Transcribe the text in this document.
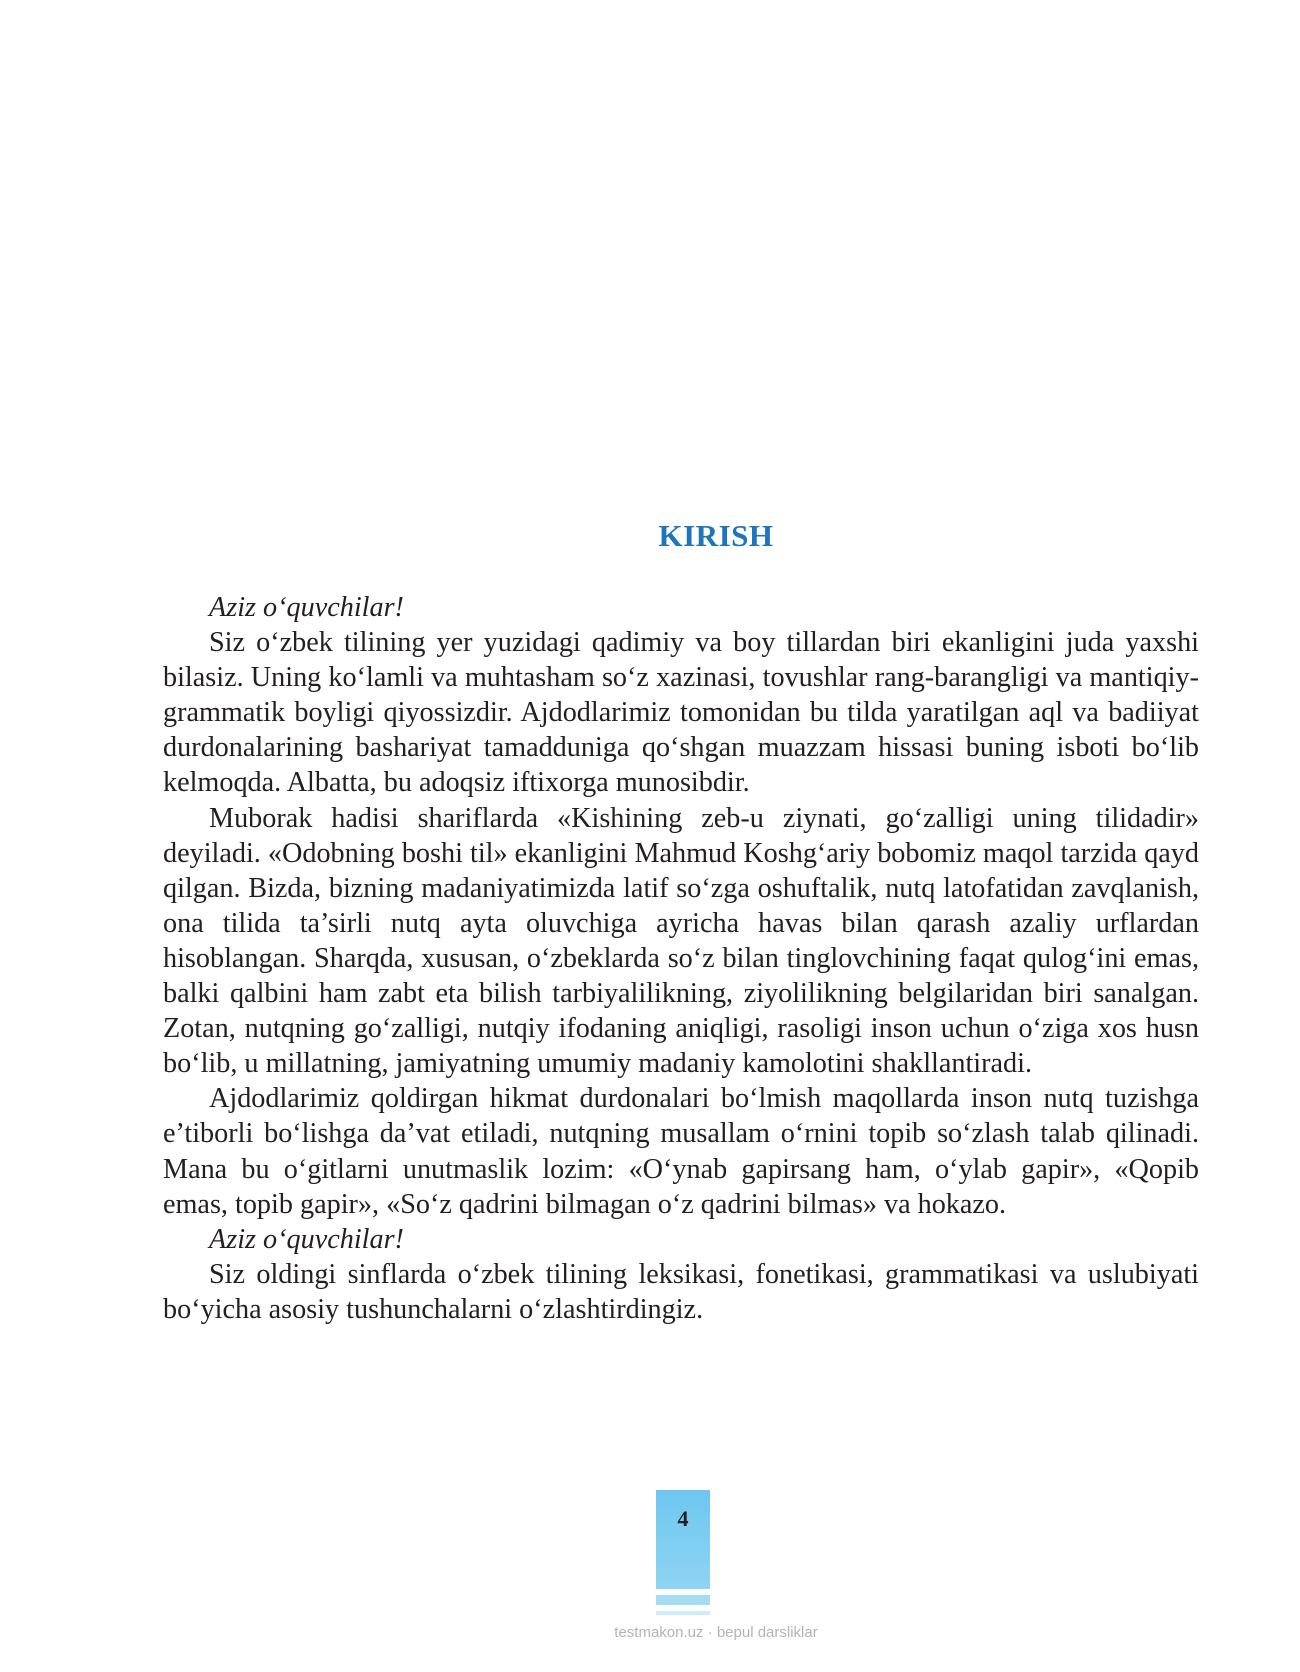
KIRISH

Aziz o‘quvchilar!

Siz o‘zbek tilining yer yuzidagi qadimiy va boy tillardan biri ekanligini juda yaxshi bilasiz. Uning ko‘lamli va muhtasham so‘z xazinasi, tovushlar rang-barangligi va mantiqiy-grammatik boyligi qiyossizdir. Ajdodlarimiz tomonidan bu tilda yaratilgan aql va badiiyat durdonalarining bashariyat tamadduniga qo‘shgan muazzam hissasi buning isboti bo‘lib kelmoqda. Albatta, bu adoqsiz iftixorga munosibdir.

Muborak hadisi shariflarda «Kishining zeb-u ziynati, go‘zalligi uning tilidadir» deyiladi. «Odobning boshi til» ekanligini Mahmud Koshg‘ariy bobomiz maqol tarzida qayd qilgan. Bizda, bizning madaniyatimizda latif so‘zga oshuftalik, nutq latofatidan zavqlanish, ona tilida ta’sirli nutq ayta oluvchiga ayricha havas bilan qarash azaliy urflardan hisoblangan. Sharqda, xususan, o‘zbeklarda so‘z bilan tinglovchining faqat qulog‘ini emas, balki qalbini ham zabt eta bilish tarbiyalilikning, ziyolilikning belgilaridan biri sanalgan. Zotan, nutqning go‘zalligi, nutqiy ifodaning aniqligi, rasoligi inson uchun o‘ziga xos husn bo‘lib, u millatning, jamiyatning umumiy madaniy kamolotini shakllantiradi.

Ajdodlarimiz qoldirgan hikmat durdonalari bo‘lmish maqollarda inson nutq tuzishga e’tiborli bo‘lishga da’vat etiladi, nutqning musallam o‘rnini topib so‘zlash talab qilinadi. Mana bu o‘gitlarni unutmaslik lozim: «O‘ynab gapirsang ham, o‘ylab gapir», «Qopib emas, topib gapir», «So‘z qadrini bilmagan o‘z qadrini bilmas» va hokazo.

Aziz o‘quvchilar!

Siz oldingi sinflarda o‘zbek tilining leksikasi, fonetikasi, grammatikasi va uslubiyati bo‘yicha asosiy tushunchalarni o‘zlashtirdingiz.

4
testmakon.uz · bepul darsliklar
